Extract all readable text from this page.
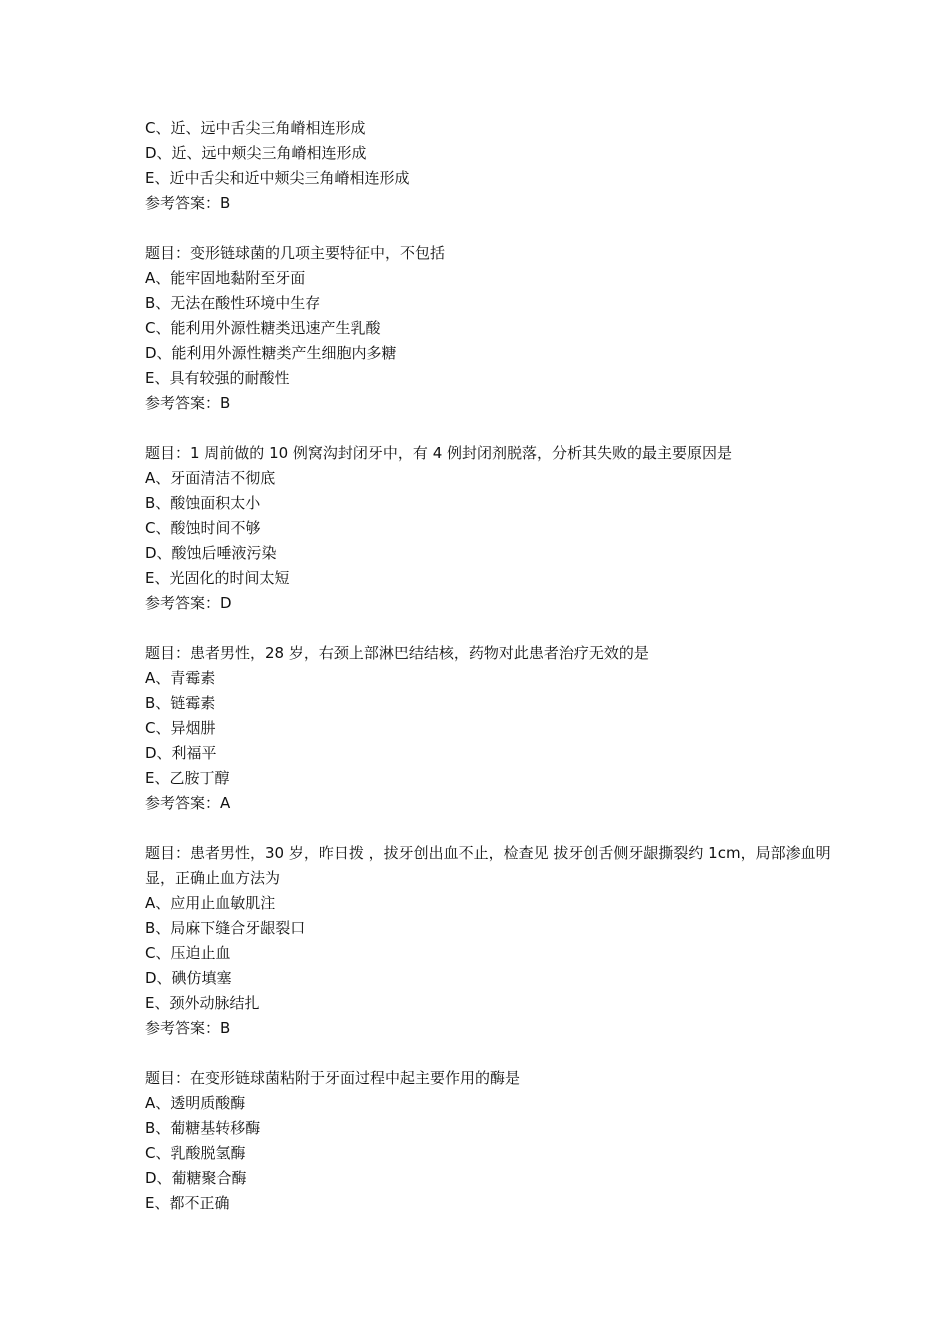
C、近、远中舌尖三角嵴相连形成
D、近、远中颊尖三角嵴相连形成
E、近中舌尖和近中颊尖三角嵴相连形成
参考答案：B
题目：变形链球菌的几项主要特征中，不包括
A、能牢固地黏附至牙面
B、无法在酸性环境中生存
C、能利用外源性糖类迅速产生乳酸
D、能利用外源性糖类产生细胞内多糖
E、具有较强的耐酸性
参考答案：B
题目：1 周前做的 10 例窝沟封闭牙中，有 4 例封闭剂脱落，分析其失败的最主要原因是
A、牙面清洁不彻底
B、酸蚀面积太小
C、酸蚀时间不够
D、酸蚀后唾液污染
E、光固化的时间太短
参考答案：D
题目：患者男性，28 岁，右颈上部淋巴结结核，药物对此患者治疗无效的是
A、青霉素
B、链霉素
C、异烟肼
D、利福平
E、乙胺丁醇
参考答案：A
题目：患者男性，30 岁，昨日拨 ，拔牙创出血不止，检查见 拔牙创舌侧牙龈撕裂约 1cm，局部渗血明显，正确止血方法为
A、应用止血敏肌注
B、局麻下缝合牙龈裂口
C、压迫止血
D、碘仿填塞
E、颈外动脉结扎
参考答案：B
题目：在变形链球菌粘附于牙面过程中起主要作用的酶是
A、透明质酸酶
B、葡糖基转移酶
C、乳酸脱氢酶
D、葡糖聚合酶
E、都不正确
